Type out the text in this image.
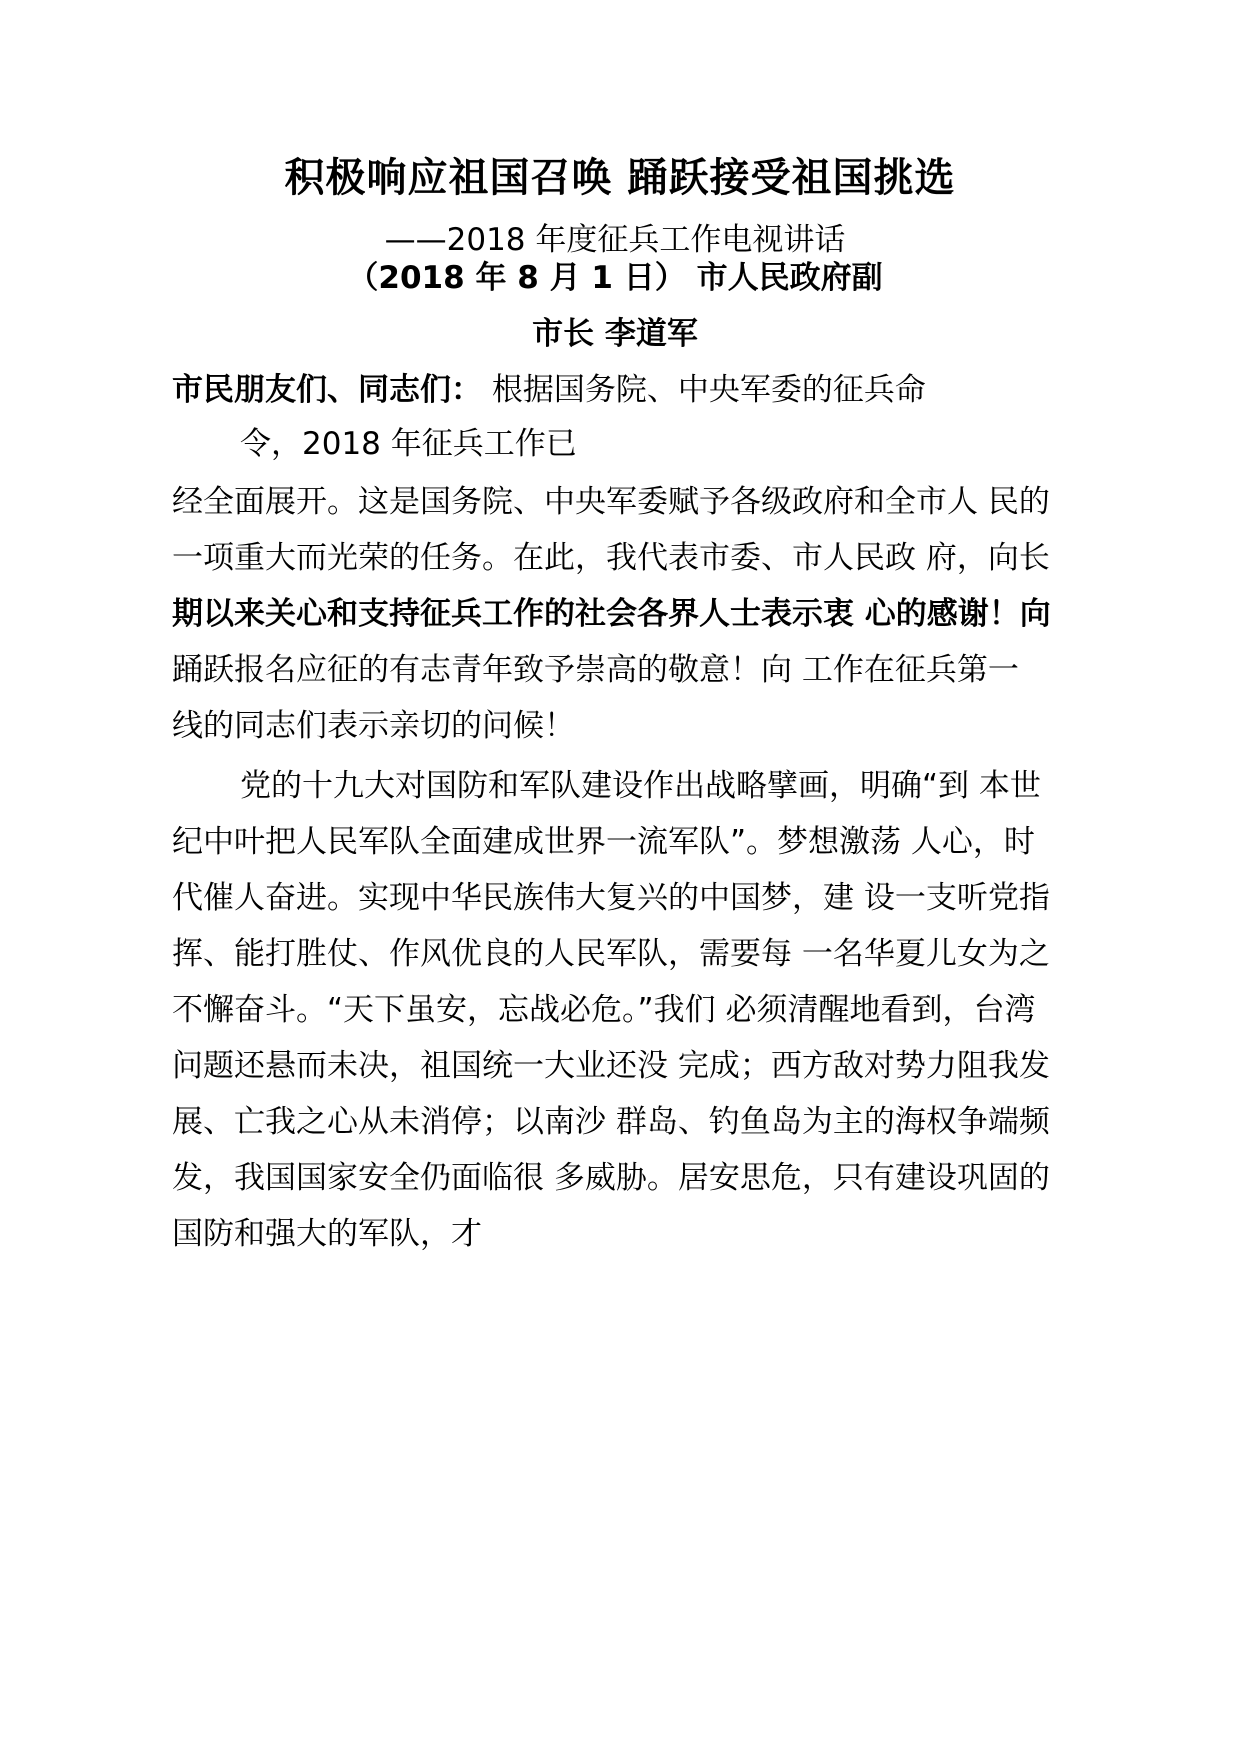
积极响应祖国召唤 踊跃接受祖国挑选
——2018 年度征兵工作电视讲话
（2018 年 8 月 1 日） 市人民政府副
市长 李道军
市民朋友们、同志们： 根据国务院、中央军委的征兵命
令，2018 年征兵工作已
经全面展开。这是国务院、中央军委赋予各级政府和全市人 民的
一项重大而光荣的任务。在此，我代表市委、市人民政 府，向长
期以来关心和支持征兵工作的社会各界人士表示衷 心的感谢！向
踊跃报名应征的有志青年致予崇高的敬意！向 工作在征兵第一
线的同志们表示亲切的问候！
党的十九大对国防和军队建设作出战略擘画，明确“到 本世
纪中叶把人民军队全面建成世界一流军队”。梦想激荡 人心，时
代催人奋进。实现中华民族伟大复兴的中国梦，建 设一支听党指
挥、能打胜仗、作风优良的人民军队，需要每 一名华夏儿女为之
不懈奋斗。“天下虽安，忘战必危。”我们 必须清醒地看到，台湾
问题还悬而未决，祖国统一大业还没 完成；西方敌对势力阻我发
展、亡我之心从未消停；以南沙 群岛、钓鱼岛为主的海权争端频
发，我国国家安全仍面临很 多威胁。居安思危，只有建设巩固的
国防和强大的军队，才
